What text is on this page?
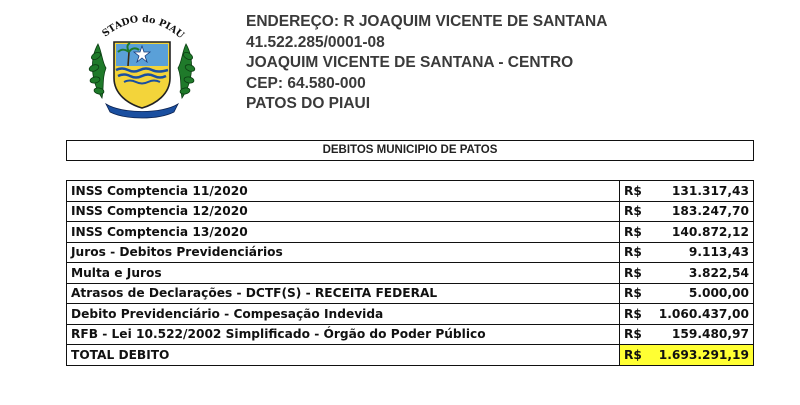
STADO do PIAU
ENDEREÇO: R JOAQUIM VICENTE DE SANTANA
41.522.285/0001-08
JOAQUIM VICENTE DE SANTANA - CENTRO
CEP: 64.580-000
PATOS DO PIAUI
DEBITOS MUNICIPIO DE PATOS
INSS Comptencia 11/2020	R$	131.317,43
INSS Comptencia 12/2020	R$	183.247,70
INSS Comptencia 13/2020	R$	140.872,12
Juros - Debitos Previdenciários	R$	9.113,43
Multa e Juros	R$	3.822,54
Atrasos de Declarações - DCTF(S) - RECEITA FEDERAL	R$	5.000,00
Debito Previdenciário - Compesação Indevida	R$	1.060.437,00
RFB - Lei 10.522/2002 Simplificado - Órgão do Poder Público	R$	159.480,97
TOTAL DEBITO	R$	1.693.291,19
